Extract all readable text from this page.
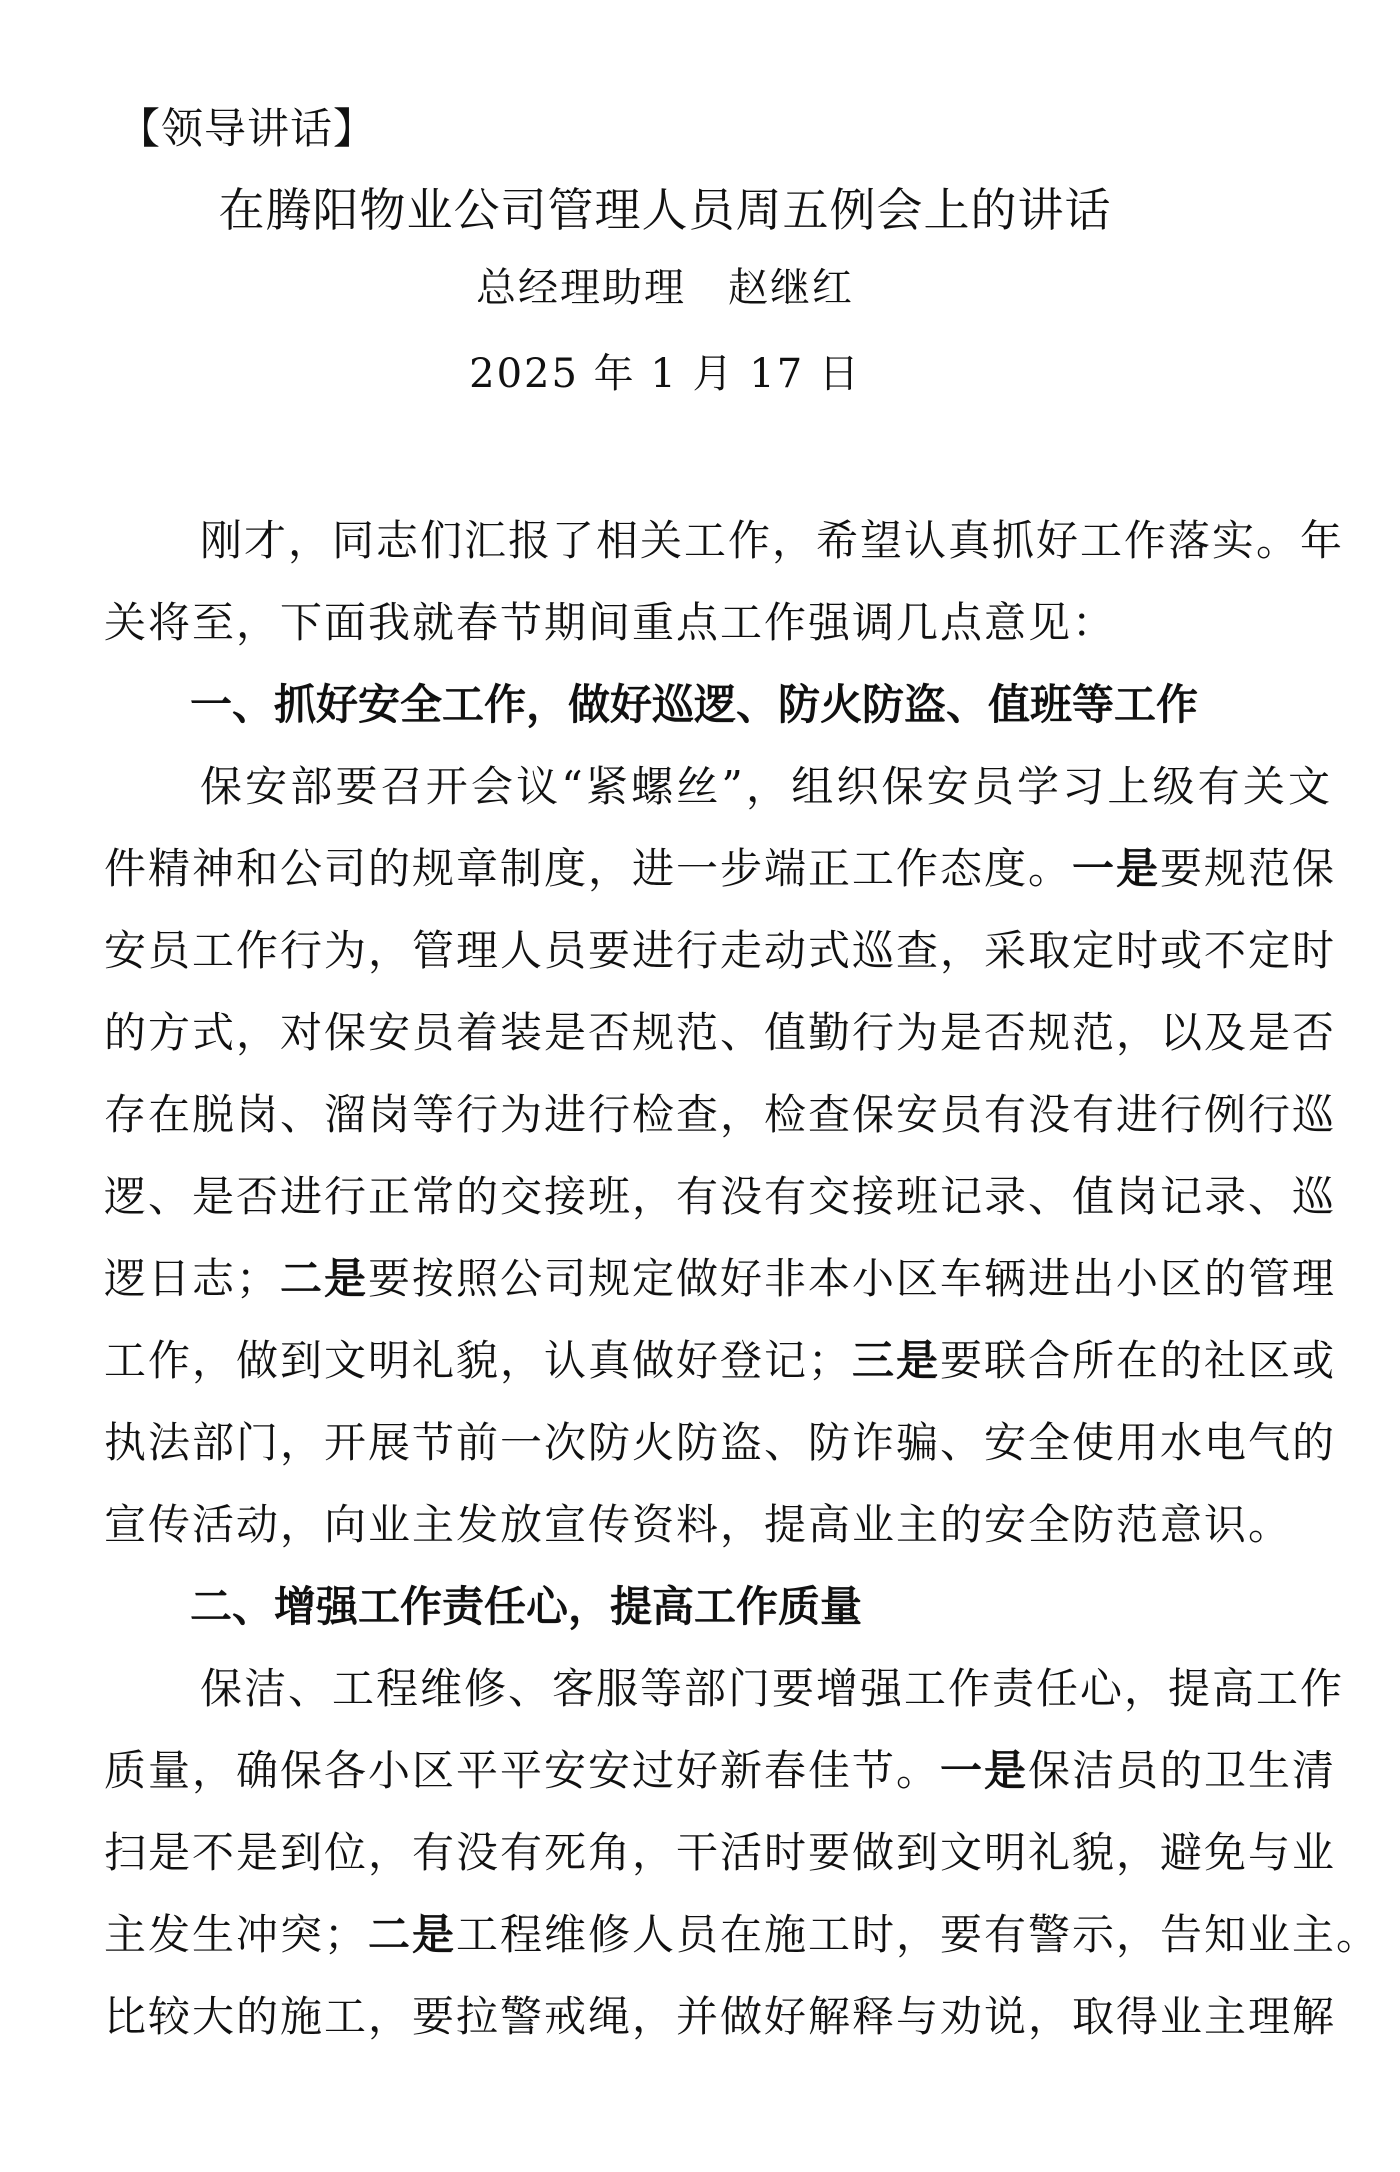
【领导讲话】
在腾阳物业公司管理人员周五例会上的讲话
总经理助理　赵继红
2025 年 1 月 17 日
刚才，同志们汇报了相关工作，希望认真抓好工作落实。年
关将至，下面我就春节期间重点工作强调几点意见：
一、抓好安全工作，做好巡逻、防火防盗、值班等工作
保安部要召开会议“紧螺丝”，组织保安员学习上级有关文
件精神和公司的规章制度，进一步端正工作态度。一是要规范保
安员工作行为，管理人员要进行走动式巡查，采取定时或不定时
的方式，对保安员着装是否规范、值勤行为是否规范，以及是否
存在脱岗、溜岗等行为进行检查，检查保安员有没有进行例行巡
逻、是否进行正常的交接班，有没有交接班记录、值岗记录、巡
逻日志；二是要按照公司规定做好非本小区车辆进出小区的管理
工作，做到文明礼貌，认真做好登记；三是要联合所在的社区或
执法部门，开展节前一次防火防盗、防诈骗、安全使用水电气的
宣传活动，向业主发放宣传资料，提高业主的安全防范意识。
二、增强工作责任心，提高工作质量
保洁、工程维修、客服等部门要增强工作责任心，提高工作
质量，确保各小区平平安安过好新春佳节。一是保洁员的卫生清
扫是不是到位，有没有死角，干活时要做到文明礼貌，避免与业
主发生冲突；二是工程维修人员在施工时，要有警示，告知业主。
比较大的施工，要拉警戒绳，并做好解释与劝说，取得业主理解
